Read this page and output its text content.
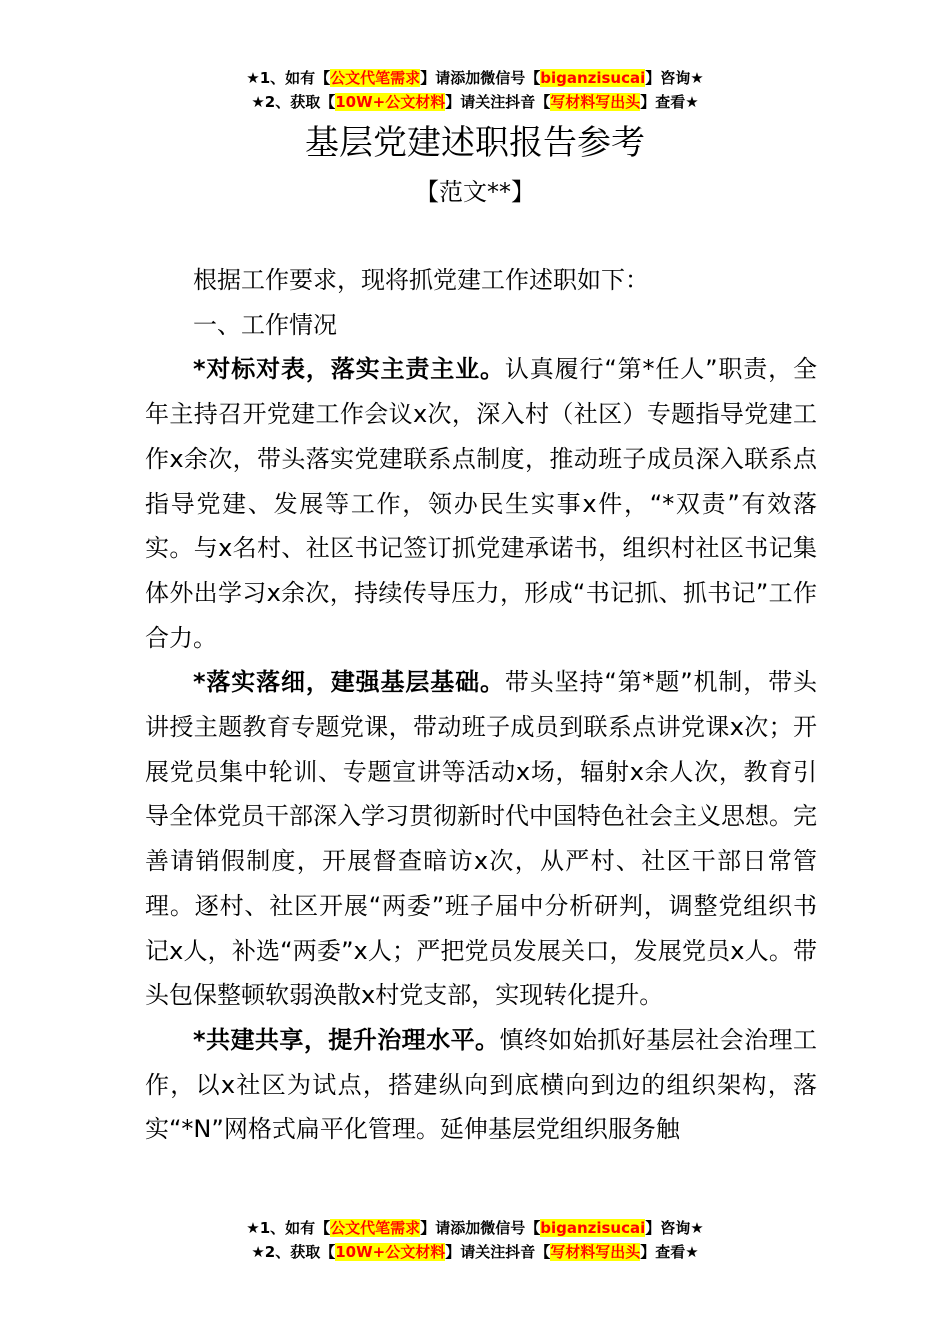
★1、如有【公文代笔需求】请添加微信号【biganzisucai】咨询★
★2、获取【10W+公文材料】请关注抖音【写材料写出头】查看★
基层党建述职报告参考
【范文**】

根据工作要求，现将抓党建工作述职如下：

一、工作情况

*对标对表，落实主责主业。认真履行“第*任人”职责，全年主持召开党建工作会议x次，深入村（社区）专题指导党建工作x余次，带头落实党建联系点制度，推动班子成员深入联系点指导党建、发展等工作，领办民生实事x件，“*双责”有效落实。与x名村、社区书记签订抓党建承诺书，组织村社区书记集体外出学习x余次，持续传导压力，形成“书记抓、抓书记”工作合力。

*落实落细，建强基层基础。带头坚持“第*题”机制，带头讲授主题教育专题党课，带动班子成员到联系点讲党课x次；开展党员集中轮训、专题宣讲等活动x场，辐射x余人次，教育引导全体党员干部深入学习贯彻新时代中国特色社会主义思想。完善请销假制度，开展督查暗访x次，从严村、社区干部日常管理。逐村、社区开展“两委”班子届中分析研判，调整党组织书记x人，补选“两委”x人；严把党员发展关口，发展党员x人。带头包保整顿软弱涣散x村党支部，实现转化提升。

*共建共享，提升治理水平。慎终如始抓好基层社会治理工作，以x社区为试点，搭建纵向到底横向到边的组织架构，落实“*N”网格式扁平化管理。延伸基层党组织服务触

★1、如有【公文代笔需求】请添加微信号【biganzisucai】咨询★
★2、获取【10W+公文材料】请关注抖音【写材料写出头】查看★
